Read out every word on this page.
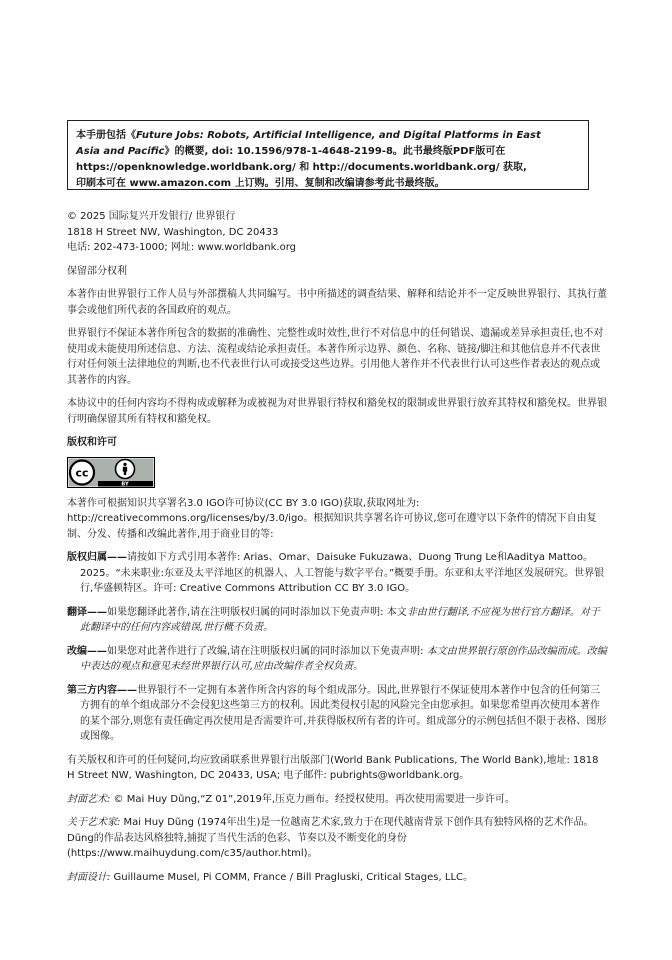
本手册包括《Future Jobs: Robots, Artificial Intelligence, and Digital Platforms in East

Asia and Pacific》的概要, doi: 10.1596/978-1-4648-2199-8。此书最终版PDF版可在

https://openknowledge.worldbank.org/ 和 http://documents.worldbank.org/ 获取,

印刷本可在 www.amazon.com 上订购。引用、复制和改编请参考此书最终版。

© 2025 国际复兴开发银行/ 世界银行

1818 H Street NW, Washington, DC 20433

电话: 202-473-1000; 网址: www.worldbank.org

保留部分权利

本著作由世界银行工作人员与外部撰稿人共同编写。书中所描述的调查结果、解释和结论并不一定反映世界银行、其执行董事会或他们所代表的各国政府的观点。

世界银行不保证本著作所包含的数据的准确性、完整性或时效性,世行不对信息中的任何错误、遗漏或差异承担责任,也不对使用或未能使用所述信息、方法、流程或结论承担责任。本著作所示边界、颜色、名称、链接/脚注和其他信息并不代表世行对任何领土法律地位的判断,也不代表世行认可或接受这些边界。引用他人著作并不代表世行认可这些作者表达的观点或其著作的内容。

本协议中的任何内容均不得构成或解释为或被视为对世界银行特权和豁免权的限制或世界银行放弃其特权和豁免权。世界银行明确保留其所有特权和豁免权。

版权和许可

cc
BY

本著作可根据知识共享署名3.0 IGO许可协议(CC BY 3.0 IGO)获取,获取网址为: http://creativecommons.org/licenses/by/3.0/igo。根据知识共享署名许可协议,您可在遵守以下条件的情况下自由复制、分发、传播和改编此著作,用于商业目的等:

版权归属——请按如下方式引用本著作: Arias、Omar、Daisuke Fukuzawa、Duong Trung Le和Aaditya Mattoo。2025。“未来职业:东亚及太平洋地区的机器人、人工智能与数字平台。”概要手册。东亚和太平洋地区发展研究。世界银行,华盛顿特区。许可: Creative Commons Attribution CC BY 3.0 IGO。

翻译——如果您翻译此著作,请在注明版权归属的同时添加以下免责声明: 本文非由世行翻译,不应视为世行官方翻译。对于此翻译中的任何内容或错误,世行概不负责。

改编——如果您对此著作进行了改编,请在注明版权归属的同时添加以下免责声明: 本文由世界银行原创作品改编而成。改编中表达的观点和意见未经世界银行认可,应由改编作者全权负责。

第三方内容——世界银行不一定拥有本著作所含内容的每个组成部分。因此,世界银行不保证使用本著作中包含的任何第三方拥有的单个组成部分不会侵犯这些第三方的权利。因此类侵权引起的风险完全由您承担。如果您希望再次使用本著作的某个部分,则您有责任确定再次使用是否需要许可,并获得版权所有者的许可。组成部分的示例包括但不限于表格、图形或图像。

有关版权和许可的任何疑问,均应致函联系世界银行出版部门(World Bank Publications, The World Bank),地址: 1818 H Street NW, Washington, DC 20433, USA; 电子邮件: pubrights@worldbank.org。

封面艺术: © Mai Huy Dũng,“Z 01”,2019年,压克力画布。经授权使用。再次使用需要进一步许可。

关于艺术家: Mai Huy Dũng (1974年出生)是一位越南艺术家,致力于在现代越南背景下创作具有独特风格的艺术作品。Dũng的作品表达风格独特,捕捉了当代生活的色彩、节奏以及不断变化的身份 (https://www.maihuydung.com/c35/author.html)。

封面设计: Guillaume Musel, Pi COMM, France / Bill Pragluski, Critical Stages, LLC。
